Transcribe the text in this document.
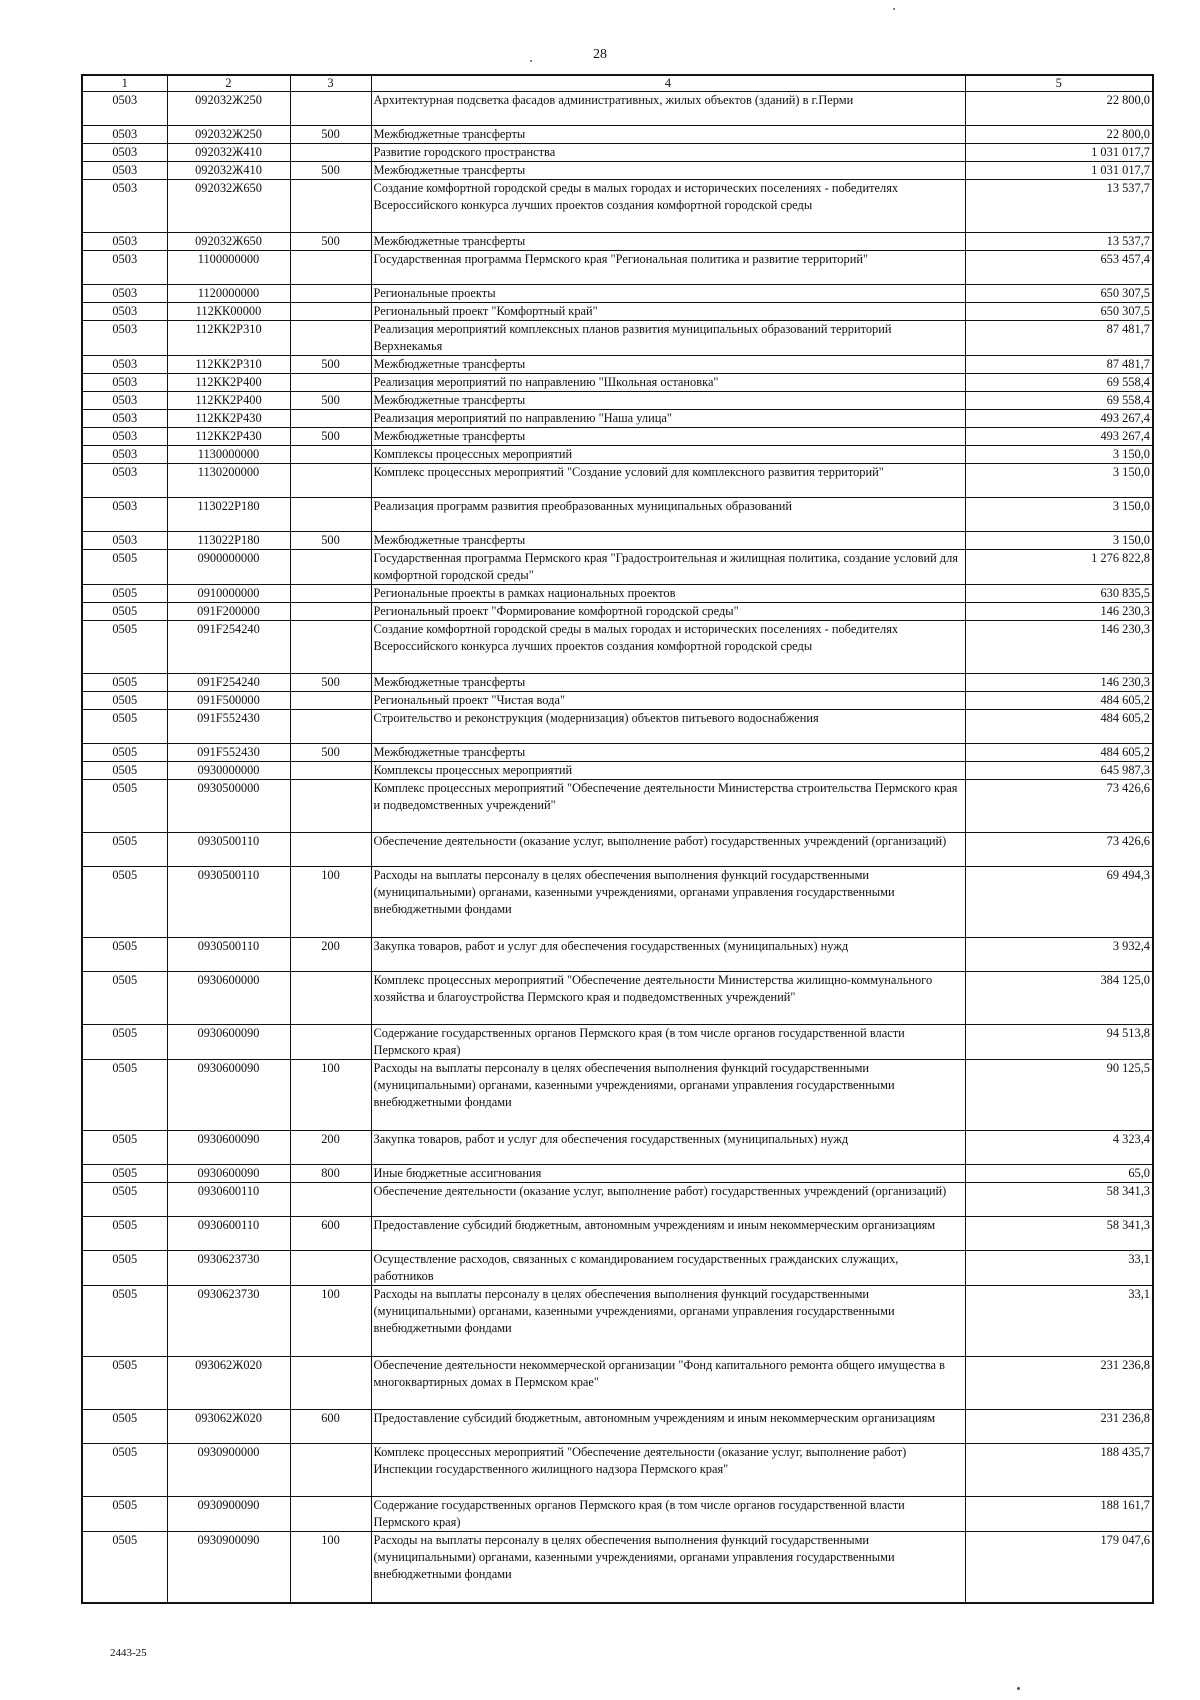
28
1	2	3	4	5
0503	092032Ж250		Архитектурная подсветка фасадов административных, жилых объектов (зданий) в г.Перми	22 800,0
0503	092032Ж250	500	Межбюджетные трансферты	22 800,0
0503	092032Ж410		Развитие городского пространства	1 031 017,7
0503	092032Ж410	500	Межбюджетные трансферты	1 031 017,7
0503	092032Ж650		Создание комфортной городской среды в малых городах и исторических поселениях - победителях Всероссийского конкурса лучших проектов создания комфортной городской среды	13 537,7
0503	092032Ж650	500	Межбюджетные трансферты	13 537,7
0503	1100000000		Государственная программа Пермского края "Региональная политика и развитие территорий"	653 457,4
0503	1120000000		Региональные проекты	650 307,5
0503	112КК00000		Региональный проект "Комфортный край"	650 307,5
0503	112КК2Р310		Реализация мероприятий комплексных планов развития муниципальных образований территорий Верхнекамья	87 481,7
0503	112КК2Р310	500	Межбюджетные трансферты	87 481,7
0503	112КК2Р400		Реализация мероприятий по направлению "Школьная остановка"	69 558,4
0503	112КК2Р400	500	Межбюджетные трансферты	69 558,4
0503	112КК2Р430		Реализация мероприятий по направлению "Наша улица"	493 267,4
0503	112КК2Р430	500	Межбюджетные трансферты	493 267,4
0503	1130000000		Комплексы процессных мероприятий	3 150,0
0503	1130200000		Комплекс процессных мероприятий "Создание условий для комплексного развития территорий"	3 150,0
0503	113022Р180		Реализация программ развития преобразованных муниципальных образований	3 150,0
0503	113022Р180	500	Межбюджетные трансферты	3 150,0
0505	0900000000		Государственная программа Пермского края "Градостроительная и жилищная политика, создание условий для комфортной городской среды"	1 276 822,8
0505	0910000000		Региональные проекты в рамках национальных проектов	630 835,5
0505	091F200000		Региональный проект "Формирование комфортной городской среды"	146 230,3
0505	091F254240		Создание комфортной городской среды в малых городах и исторических поселениях - победителях Всероссийского конкурса лучших проектов создания комфортной городской среды	146 230,3
0505	091F254240	500	Межбюджетные трансферты	146 230,3
0505	091F500000		Региональный проект "Чистая вода"	484 605,2
0505	091F552430		Строительство и реконструкция (модернизация) объектов питьевого водоснабжения	484 605,2
0505	091F552430	500	Межбюджетные трансферты	484 605,2
0505	0930000000		Комплексы процессных мероприятий	645 987,3
0505	0930500000		Комплекс процессных мероприятий "Обеспечение деятельности Министерства строительства Пермского края и подведомственных учреждений"	73 426,6
0505	0930500110		Обеспечение деятельности (оказание услуг, выполнение работ) государственных учреждений (организаций)	73 426,6
0505	0930500110	100	Расходы на выплаты персоналу в целях обеспечения выполнения функций государственными (муниципальными) органами, казенными учреждениями, органами управления государственными внебюджетными фондами	69 494,3
0505	0930500110	200	Закупка товаров, работ и услуг для обеспечения государственных (муниципальных) нужд	3 932,4
0505	0930600000		Комплекс процессных мероприятий "Обеспечение деятельности Министерства жилищно-коммунального хозяйства и благоустройства Пермского края и подведомственных учреждений"	384 125,0
0505	0930600090		Содержание государственных органов Пермского края (в том числе органов государственной власти Пермского края)	94 513,8
0505	0930600090	100	Расходы на выплаты персоналу в целях обеспечения выполнения функций государственными (муниципальными) органами, казенными учреждениями, органами управления государственными внебюджетными фондами	90 125,5
0505	0930600090	200	Закупка товаров, работ и услуг для обеспечения государственных (муниципальных) нужд	4 323,4
0505	0930600090	800	Иные бюджетные ассигнования	65,0
0505	0930600110		Обеспечение деятельности (оказание услуг, выполнение работ) государственных учреждений (организаций)	58 341,3
0505	0930600110	600	Предоставление субсидий бюджетным, автономным учреждениям и иным некоммерческим организациям	58 341,3
0505	0930623730		Осуществление расходов, связанных с командированием государственных гражданских служащих, работников	33,1
0505	0930623730	100	Расходы на выплаты персоналу в целях обеспечения выполнения функций государственными (муниципальными) органами, казенными учреждениями, органами управления государственными внебюджетными фондами	33,1
0505	093062Ж020		Обеспечение деятельности некоммерческой организации "Фонд капитального ремонта общего имущества в многоквартирных домах в Пермском крае"	231 236,8
0505	093062Ж020	600	Предоставление субсидий бюджетным, автономным учреждениям и иным некоммерческим организациям	231 236,8
0505	0930900000		Комплекс процессных мероприятий "Обеспечение деятельности (оказание услуг, выполнение работ) Инспекции государственного жилищного надзора Пермского края"	188 435,7
0505	0930900090		Содержание государственных органов Пермского края (в том числе органов государственной власти Пермского края)	188 161,7
0505	0930900090	100	Расходы на выплаты персоналу в целях обеспечения выполнения функций государственными (муниципальными) органами, казенными учреждениями, органами управления государственными внебюджетными фондами	179 047,6
2443-25
